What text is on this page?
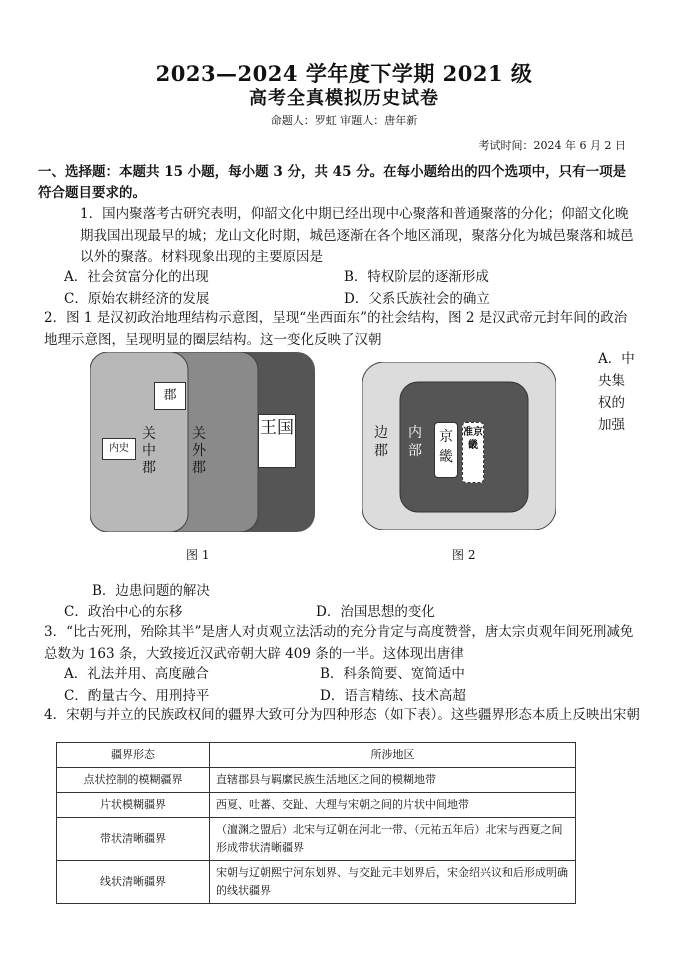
2023—2024 学年度下学期 2021 级
高考全真模拟历史试卷
命题人：罗虹 审题人：唐年新
考试时间：2024 年 6 月 2 日
一、选择题：本题共 15 小题，每小题 3 分，共 45 分。在每小题给出的四个选项中，只有一项是符合题目要求的。
1．国内聚落考古研究表明，仰韶文化中期已经出现中心聚落和普通聚落的分化；仰韶文化晚期我国出现最早的城；龙山文化时期，城邑逐渐在各个地区涌现，聚落分化为城邑聚落和城邑以外的聚落。材料现象出现的主要原因是
A．社会贫富分化的出现	B．特权阶层的逐渐形成
C．原始农耕经济的发展	D．父系氏族社会的确立
2．图 1 是汉初政治地理结构示意图，呈现“坐西面东”的社会结构，图 2 是汉武帝元封年间的政治地理示意图，呈现明显的圈层结构。这一变化反映了汉朝
郡
内史
关中郡
关外郡
王国
图 1
边郡
内部
京畿
准京畿
图 2
A．中央集权的加强
B．边患问题的解决
C．政治中心的东移	D．治国思想的变化
3．“比古死刑，殆除其半”是唐人对贞观立法活动的充分肯定与高度赞誉，唐太宗贞观年间死刑减免总数为 163 条，大致接近汉武帝朝大辟 409 条的一半。这体现出唐律
A．礼法并用、高度融合	B．科条简要、宽简适中
C．酌量古今、用刑持平	D．语言精练、技术高超
4．宋朝与并立的民族政权间的疆界大致可分为四种形态（如下表）。这些疆界形态本质上反映出宋朝
疆界形态	所涉地区
点状控制的模糊疆界	直辖郡县与羁縻民族生活地区之间的模糊地带
片状模糊疆界	西夏、吐蕃、交趾、大理与宋朝之间的片状中间地带
带状清晰疆界	（澶渊之盟后）北宋与辽朝在河北一带、（元祐五年后）北宋与西夏之间形成带状清晰疆界
线状清晰疆界	宋朝与辽朝熙宁河东划界、与交趾元丰划界后，宋金绍兴议和后形成明确的线状疆界
